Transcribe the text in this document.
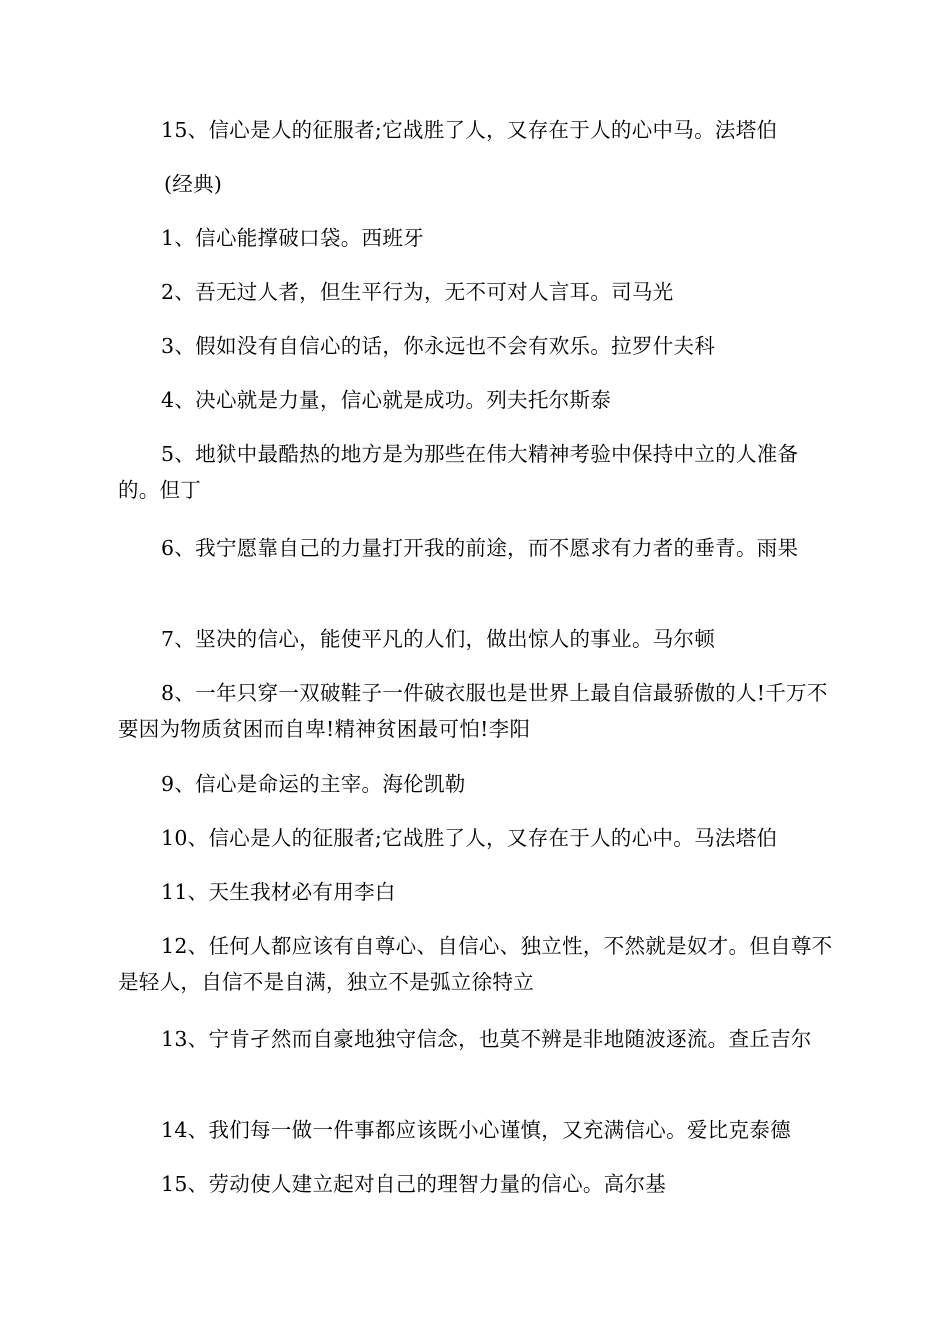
15、信心是人的征服者;它战胜了人，又存在于人的心中马。法塔伯

(经典)

1、信心能撑破口袋。西班牙

2、吾无过人者，但生平行为，无不可对人言耳。司马光

3、假如没有自信心的话，你永远也不会有欢乐。拉罗什夫科

4、决心就是力量，信心就是成功。列夫托尔斯泰

5、地狱中最酷热的地方是为那些在伟大精神考验中保持中立的人准备的。但丁

6、我宁愿靠自己的力量打开我的前途，而不愿求有力者的垂青。雨果

7、坚决的信心，能使平凡的人们，做出惊人的事业。马尔顿

8、一年只穿一双破鞋子一件破衣服也是世界上最自信最骄傲的人!千万不要因为物质贫困而自卑!精神贫困最可怕!李阳

9、信心是命运的主宰。海伦凯勒

10、信心是人的征服者;它战胜了人，又存在于人的心中。马法塔伯

11、天生我材必有用李白

12、任何人都应该有自尊心、自信心、独立性，不然就是奴才。但自尊不是轻人，自信不是自满，独立不是弧立徐特立

13、宁肯孑然而自豪地独守信念，也莫不辨是非地随波逐流。查丘吉尔

14、我们每一做一件事都应该既小心谨慎，又充满信心。爱比克泰德

15、劳动使人建立起对自己的理智力量的信心。高尔基
